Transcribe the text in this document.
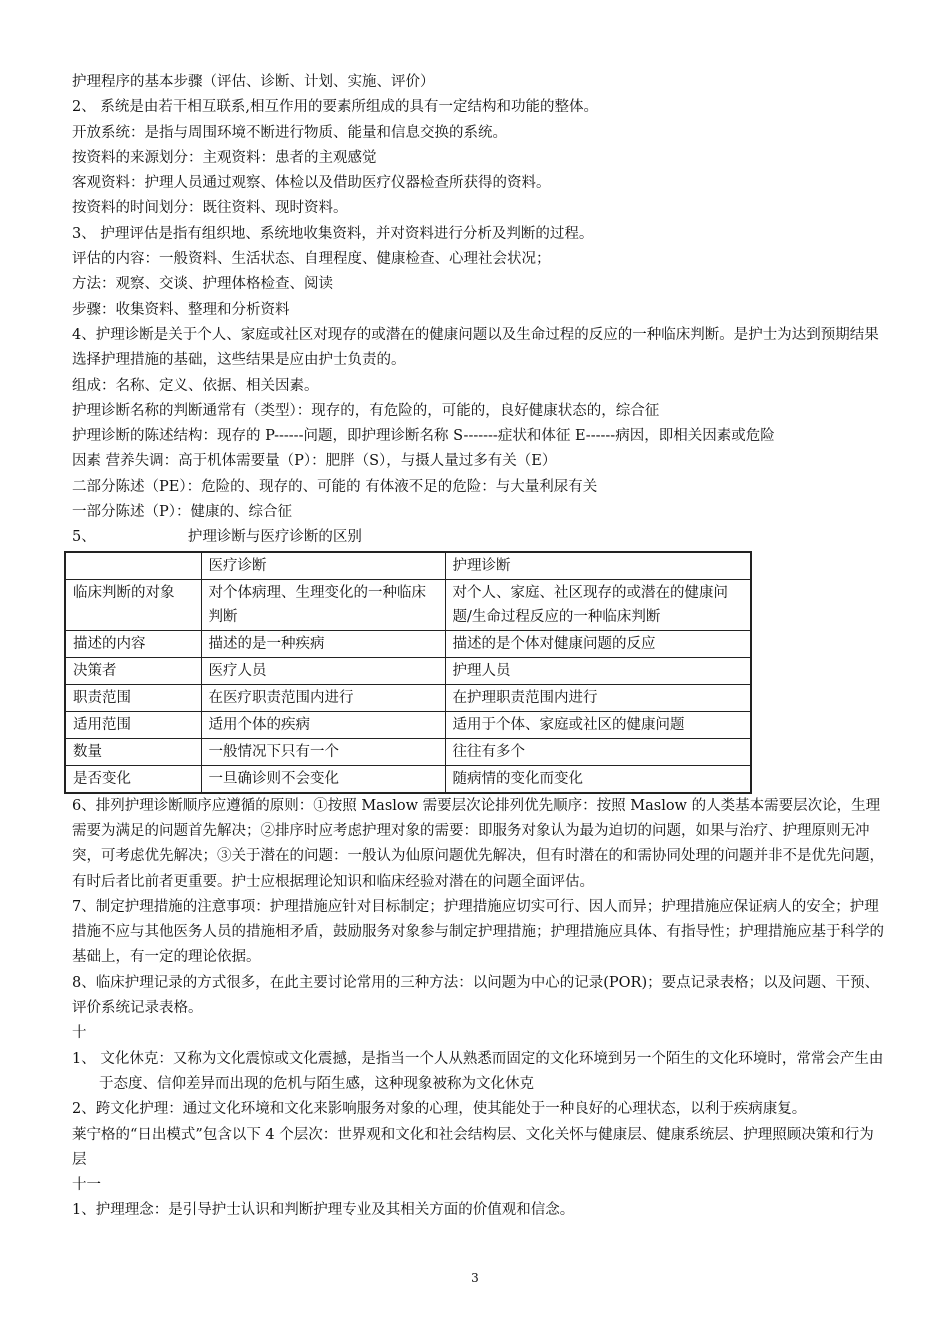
护理程序的基本步骤（评估、诊断、计划、实施、评价）
2、 系统是由若干相互联系,相互作用的要素所组成的具有一定结构和功能的整体。
开放系统：是指与周围环境不断进行物质、能量和信息交换的系统。
按资料的来源划分：主观资料：患者的主观感觉
客观资料：护理人员通过观察、体检以及借助医疗仪器检查所获得的资料。
按资料的时间划分：既往资料、现时资料。
3、 护理评估是指有组织地、系统地收集资料，并对资料进行分析及判断的过程。
评估的内容：一般资料、生活状态、自理程度、健康检查、心理社会状况；
方法：观察、交谈、护理体格检查、阅读
步骤：收集资料、整理和分析资料
4、护理诊断是关于个人、家庭或社区对现存的或潜在的健康问题以及生命过程的反应的一种临床判断。是护士为达到预期结果选择护理措施的基础，这些结果是应由护士负责的。
组成：名称、定义、依据、相关因素。
护理诊断名称的判断通常有（类型）：现存的，有危险的，可能的，良好健康状态的，综合征
护理诊断的陈述结构：现存的 P------问题，即护理诊断名称 S-------症状和体征 E------病因，即相关因素或危险
因素 营养失调：高于机体需要量（P）：肥胖（S），与摄人量过多有关（E）
二部分陈述（PE）：危险的、现存的、可能的 有体液不足的危险：与大量利尿有关
一部分陈述（P）：健康的、综合征
5、                    护理诊断与医疗诊断的区别
	医疗诊断	护理诊断
临床判断的对象	对个体病理、生理变化的一种临床判断	对个人、家庭、社区现存的或潜在的健康问题/生命过程反应的一种临床判断
描述的内容	描述的是一种疾病	描述的是个体对健康问题的反应
决策者	医疗人员	护理人员
职责范围	在医疗职责范围内进行	在护理职责范围内进行
适用范围	适用个体的疾病	适用于个体、家庭或社区的健康问题
数量	一般情况下只有一个	往往有多个
是否变化	一旦确诊则不会变化	随病情的变化而变化
6、排列护理诊断顺序应遵循的原则：①按照 Maslow 需要层次论排列优先顺序：按照 Maslow 的人类基本需要层次论，生理需要为满足的问题首先解决；②排序时应考虑护理对象的需要：即服务对象认为最为迫切的问题，如果与治疗、护理原则无冲突，可考虑优先解决；③关于潜在的问题：一般认为仙原问题优先解决，但有时潜在的和需协同处理的问题并非不是优先问题，有时后者比前者更重要。护士应根据理论知识和临床经验对潜在的问题全面评估。
7、制定护理措施的注意事项：护理措施应针对目标制定；护理措施应切实可行、因人而异；护理措施应保证病人的安全；护理措施不应与其他医务人员的措施相矛盾，鼓励服务对象参与制定护理措施；护理措施应具体、有指导性；护理措施应基于科学的基础上，有一定的理论依据。
8、临床护理记录的方式很多，在此主要讨论常用的三种方法：以问题为中心的记录(POR)；要点记录表格；以及问题、干预、评价系统记录表格。
十
1、 文化休克：又称为文化震惊或文化震撼，是指当一个人从熟悉而固定的文化环境到另一个陌生的文化环境时，常常会产生由于态度、信仰差异而出现的危机与陌生感，这种现象被称为文化休克
2、跨文化护理：通过文化环境和文化来影响服务对象的心理，使其能处于一种良好的心理状态，以利于疾病康复。
莱宁格的“日出模式”包含以下 4 个层次：世界观和文化和社会结构层、文化关怀与健康层、健康系统层、护理照顾决策和行为层
十一
1、护理理念：是引导护士认识和判断护理专业及其相关方面的价值观和信念。
3
